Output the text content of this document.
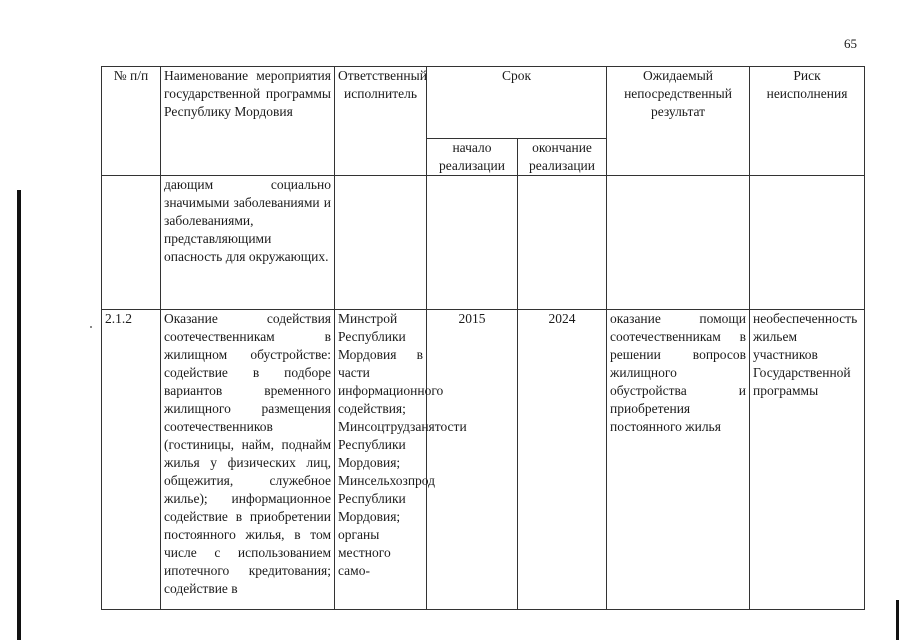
65
№ п/п	Наименование мероприятия государственной программы Республику Мордовия	Ответственный исполнитель	Срок		Ожидаемый непосредственный результат	Риск неисполнения
			начало реализации	окончание реализации		
	дающим социально значимыми заболеваниями и заболеваниями, представляющими опасность для окружающих.					
2.1.2	Оказание содействия соотечественникам в жилищном обустройстве: содействие в подборе вариантов временного жилищного размещения соотечественников (гостиницы, найм, поднайм жилья у физических лиц, общежития, служебное жилье); информационное содействие в приобретении постоянного жилья, в том числе с использованием ипотечного кредитования; содействие в	Минстрой Республики Мордовия в части информационного содействия; Минсоцтрудзанятости Республики Мордовия; Минсельхозпрод Республики Мордовия; органы местного само-	2015	2024	оказание помощи соотечественникам в решении вопросов жилищного обустройства и приобретения постоянного жилья	необеспеченность жильем участников Государственной программы
